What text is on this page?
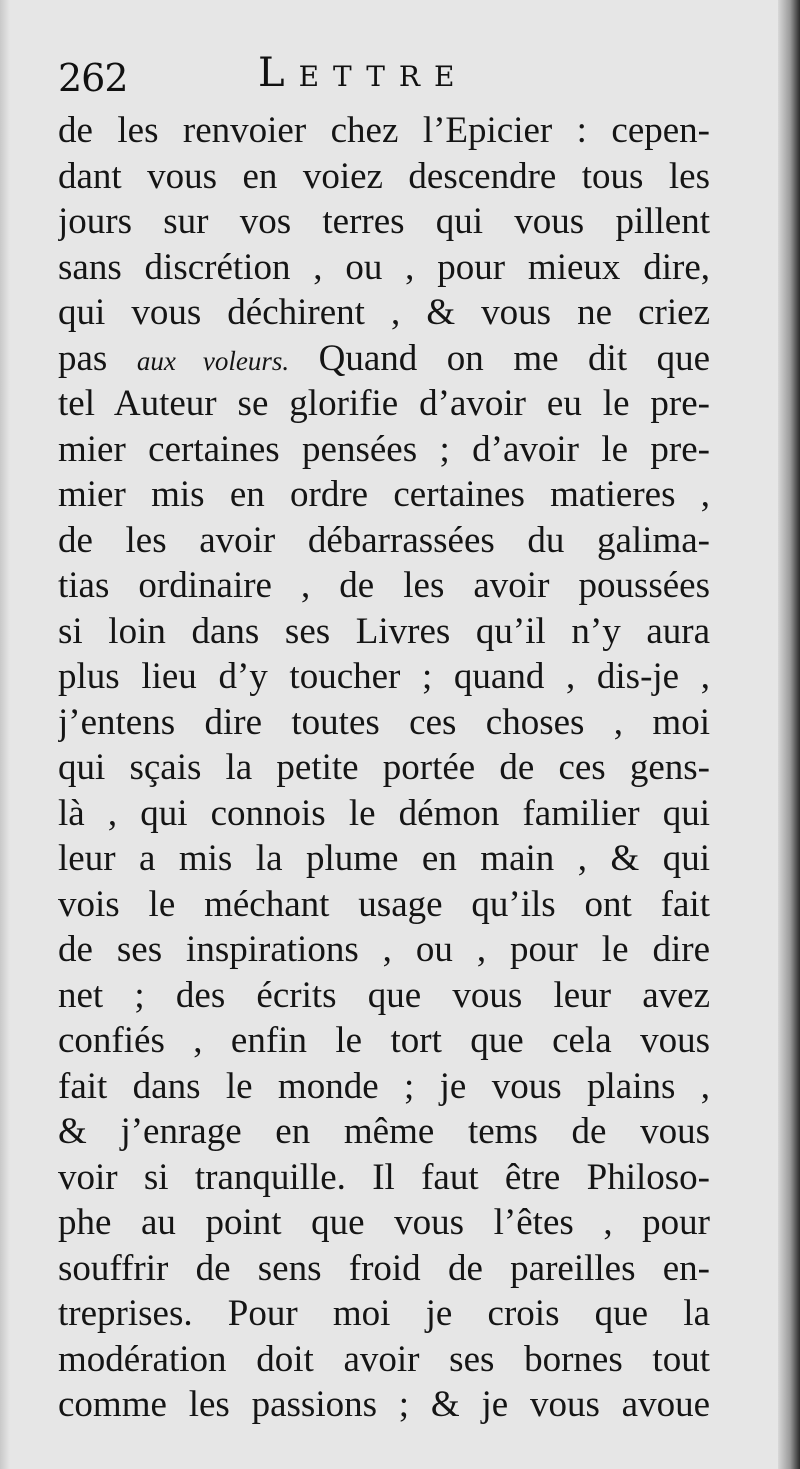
262	Lettre
de les renvoier chez l’Epicier : cepen-
dant vous en voiez descendre tous les
jours sur vos terres qui vous pillent
sans discrétion , ou , pour mieux dire,
qui vous déchirent , & vous ne criez
pas aux voleurs. Quand on me dit que
tel Auteur se glorifie d’avoir eu le pre-
mier certaines pensées ; d’avoir le pre-
mier mis en ordre certaines matieres ,
de les avoir débarrassées du galima-
tias ordinaire , de les avoir poussées
si loin dans ses Livres qu’il n’y aura
plus lieu d’y toucher ; quand , dis-je ,
j’entens dire toutes ces choses , moi
qui sçais la petite portée de ces gens-
là , qui connois le démon familier qui
leur a mis la plume en main , & qui
vois le méchant usage qu’ils ont fait
de ses inspirations , ou , pour le dire
net ; des écrits que vous leur avez
confiés , enfin le tort que cela vous
fait dans le monde ; je vous plains ,
& j’enrage en même tems de vous
voir si tranquille. Il faut être Philoso-
phe au point que vous l’êtes , pour
souffrir de sens froid de pareilles en-
treprises. Pour moi je crois que la
modération doit avoir ses bornes tout
comme les passions ; & je vous avoue
